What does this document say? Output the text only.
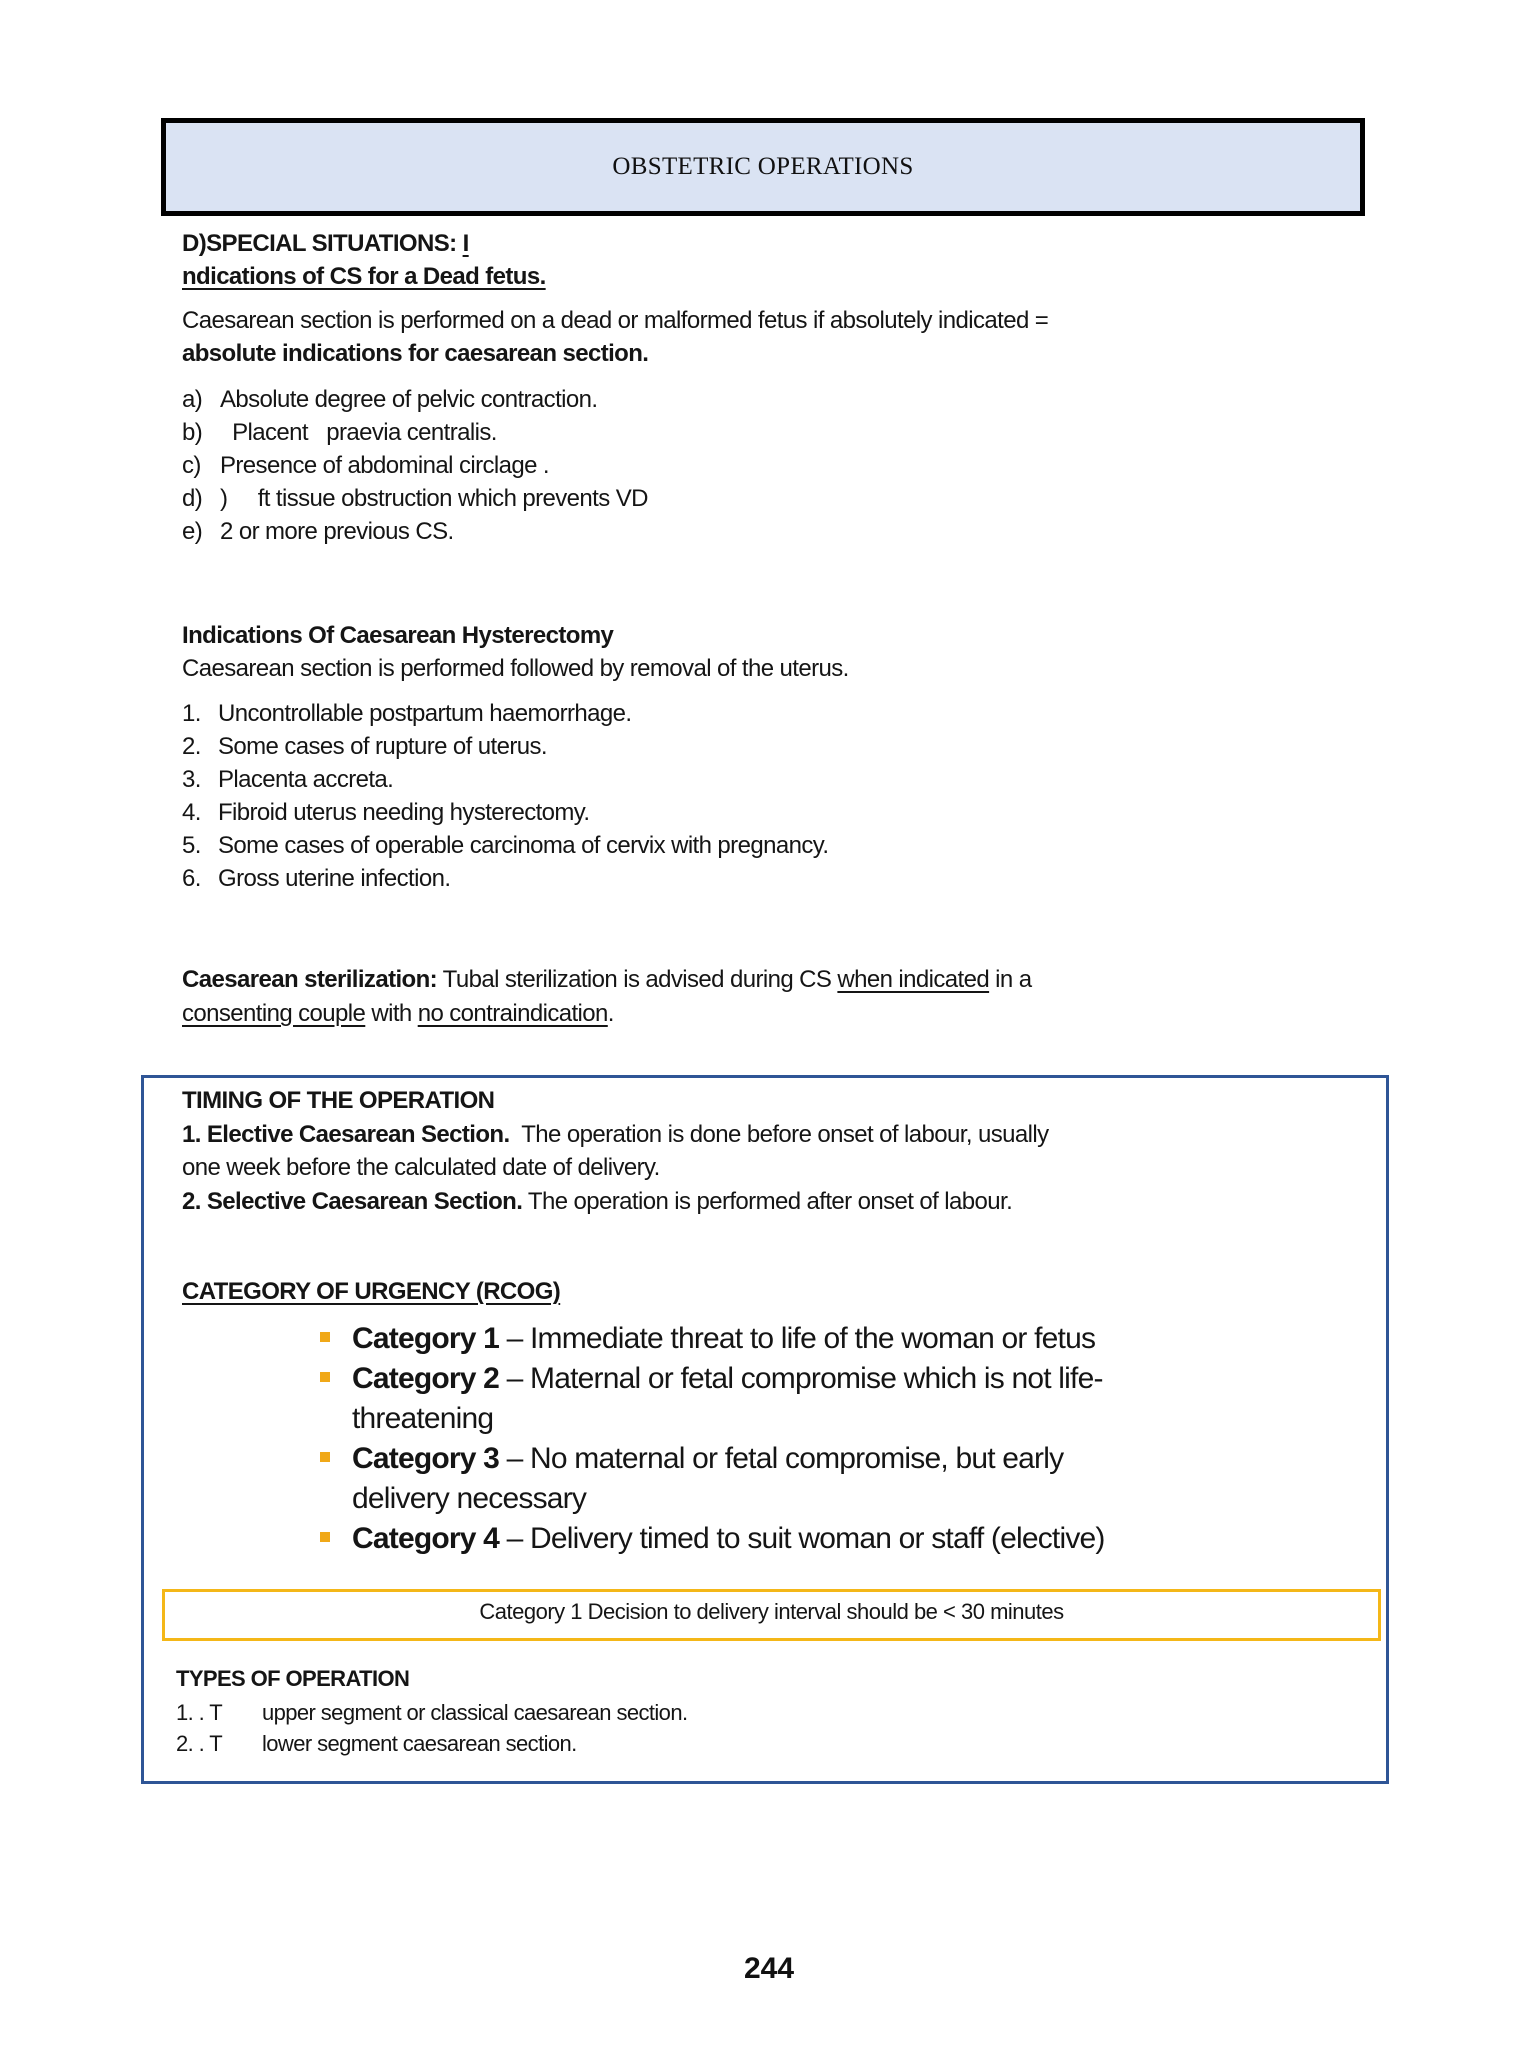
OBSTETRIC OPERATIONS
D)SPECIAL SITUATIONS: I
ndications of CS for a Dead fetus.
Caesarean section is performed on a dead or malformed fetus if absolutely indicated =
absolute indications for caesarean section.
a) Absolute degree of pelvic contraction.
b) Placent   praevia centralis.
c) Presence of abdominal circlage .
d) )     ft tissue obstruction which prevents VD
e) 2 or more previous CS.
Indications Of Caesarean Hysterectomy
Caesarean section is performed followed by removal of the uterus.
1. Uncontrollable postpartum haemorrhage.
2. Some cases of rupture of uterus.
3. Placenta accreta.
4. Fibroid uterus needing hysterectomy.
5. Some cases of operable carcinoma of cervix with pregnancy.
6. Gross uterine infection.
Caesarean sterilization: Tubal sterilization is advised during CS when indicated in a
consenting couple with no contraindication.
TIMING OF THE OPERATION
1. Elective Caesarean Section.  The operation is done before onset of labour, usually
one week before the calculated date of delivery.
2. Selective Caesarean Section. The operation is performed after onset of labour.
CATEGORY OF URGENCY (RCOG)
Category 1 – Immediate threat to life of the woman or fetus
Category 2 – Maternal or fetal compromise which is not life-
threatening
Category 3 – No maternal or fetal compromise, but early
delivery necessary
Category 4 – Delivery timed to suit woman or staff (elective)
Category 1 Decision to delivery interval should be < 30 minutes
TYPES OF OPERATION
1. . T	upper segment or classical caesarean section.
2. . T	lower segment caesarean section.
244
